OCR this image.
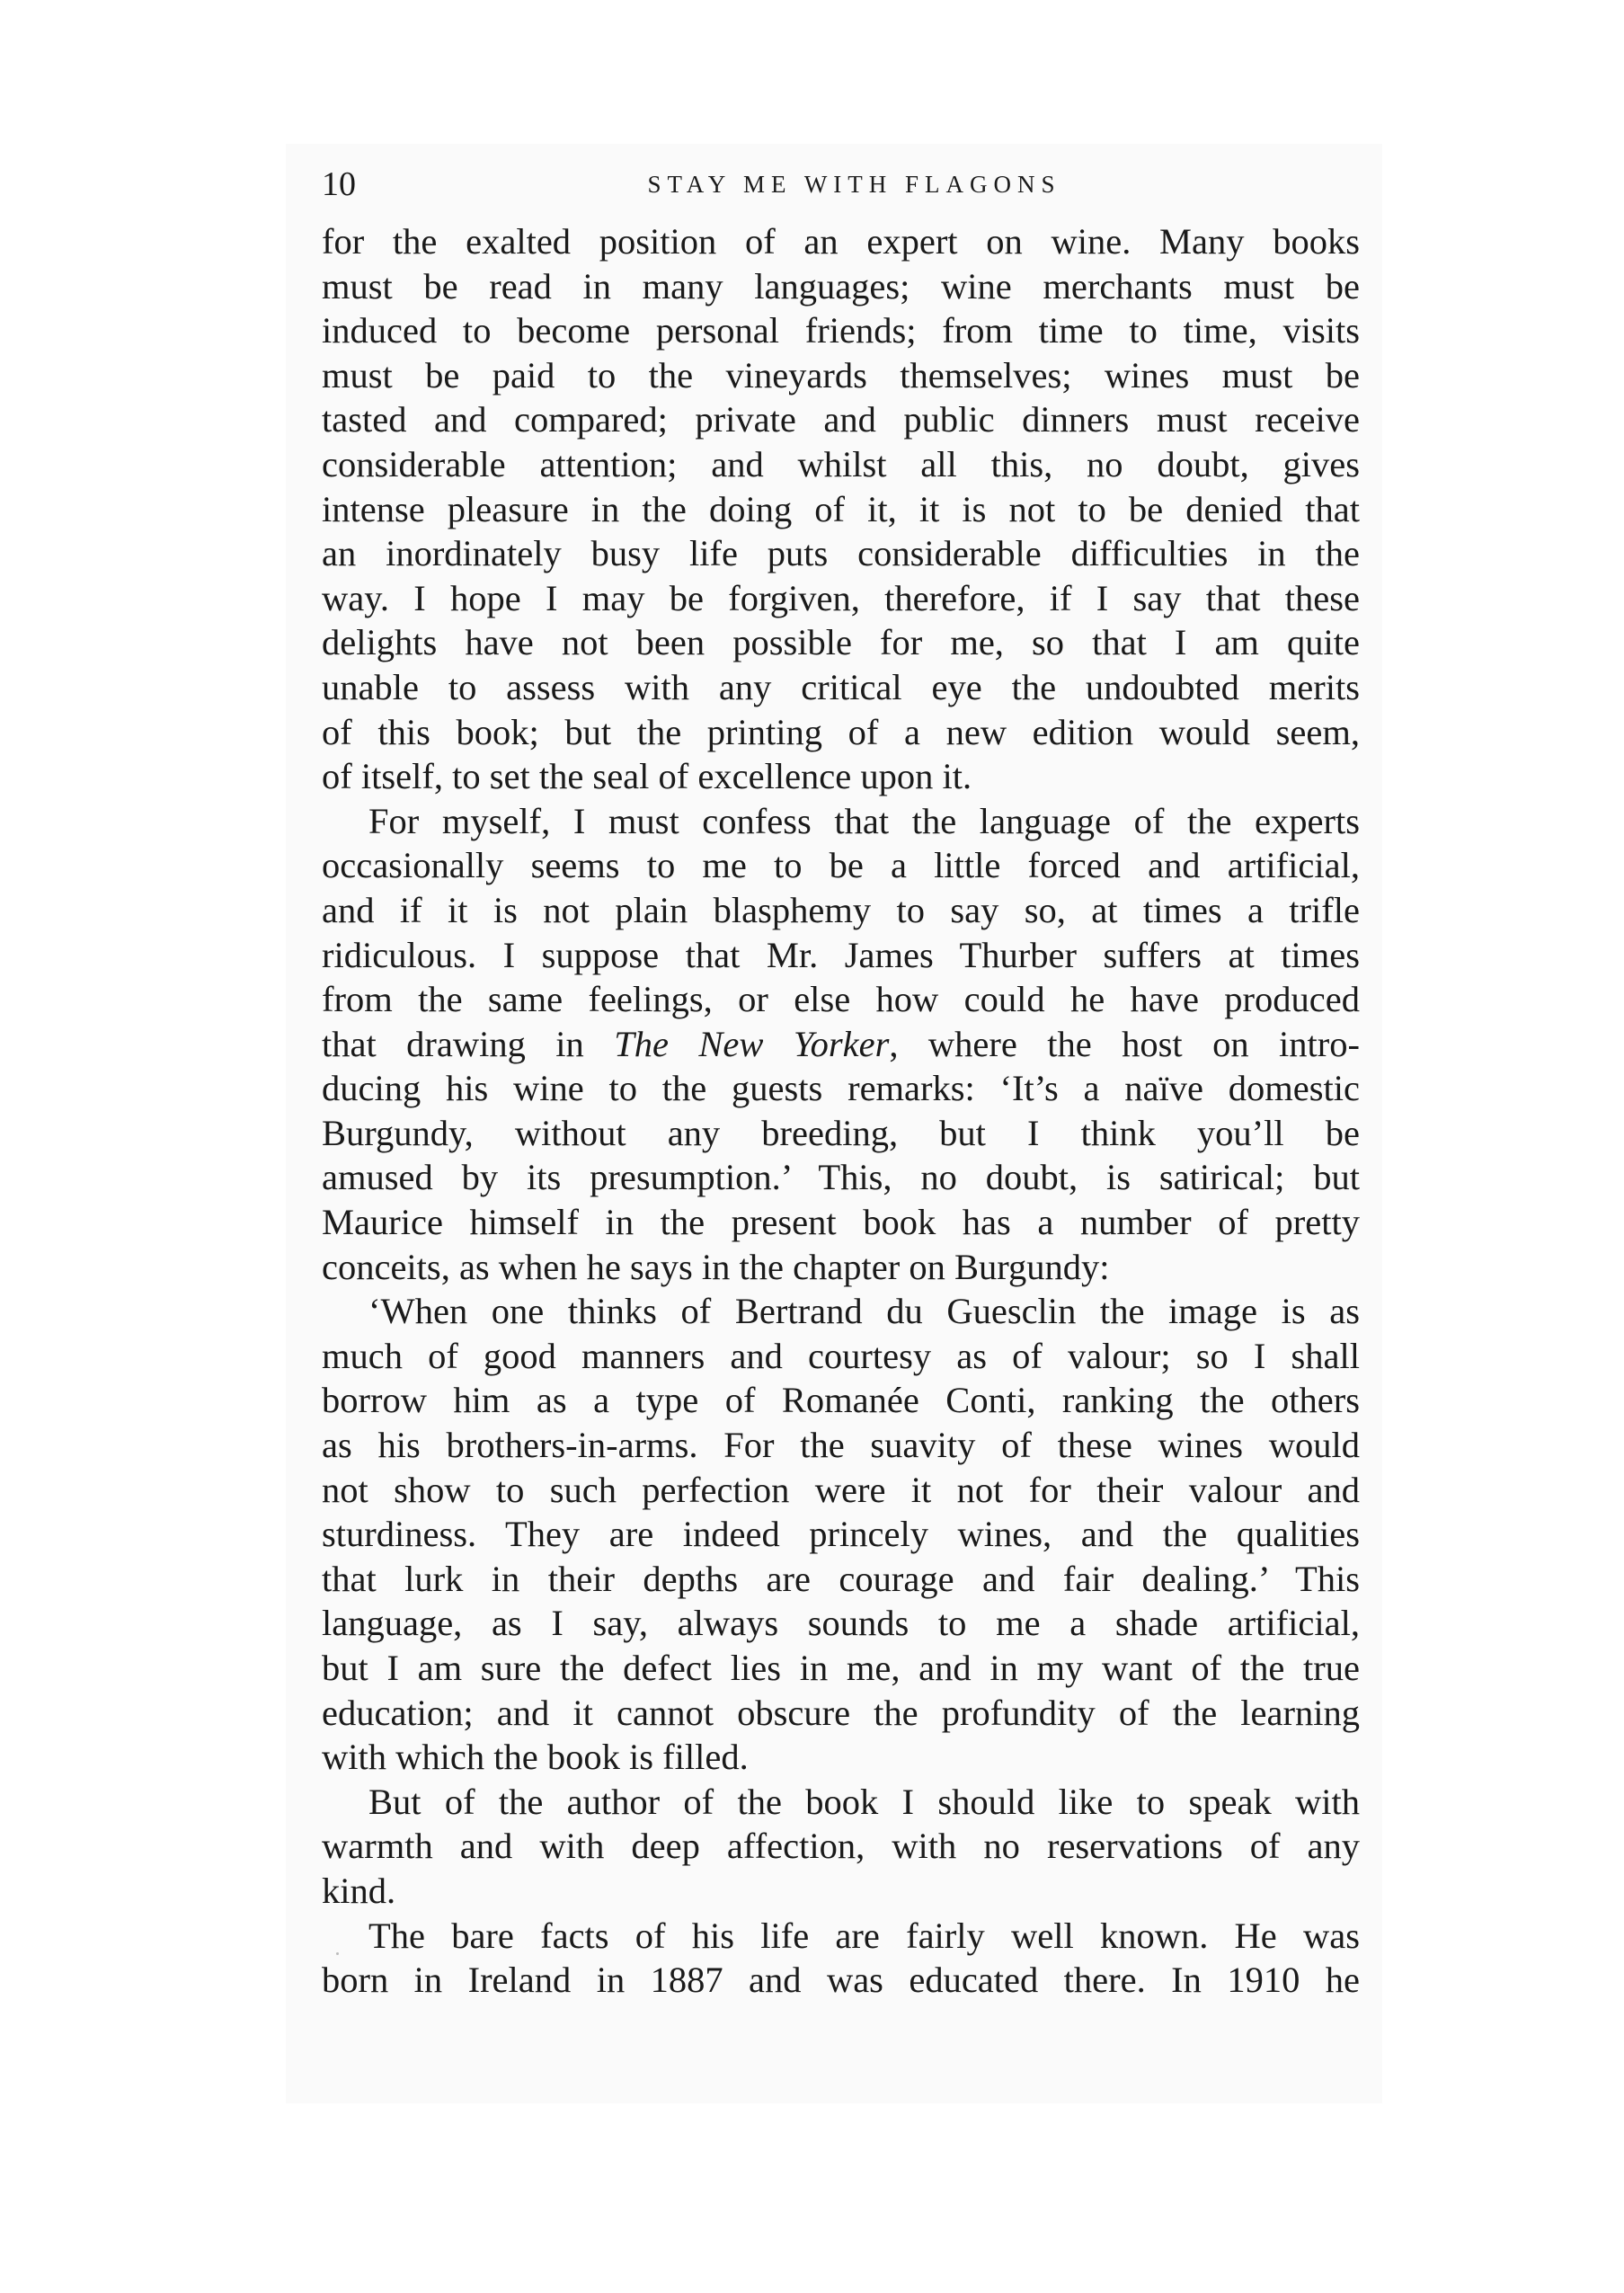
10	STAY ME WITH FLAGONS
for the exalted position of an expert on wine. Many books
must be read in many languages; wine merchants must be
induced to become personal friends; from time to time, visits
must be paid to the vineyards themselves; wines must be
tasted and compared; private and public dinners must receive
considerable attention; and whilst all this, no doubt, gives
intense pleasure in the doing of it, it is not to be denied that
an inordinately busy life puts considerable difficulties in the
way. I hope I may be forgiven, therefore, if I say that these
delights have not been possible for me, so that I am quite
unable to assess with any critical eye the undoubted merits
of this book; but the printing of a new edition would seem,
of itself, to set the seal of excellence upon it.
For myself, I must confess that the language of the experts
occasionally seems to me to be a little forced and artificial,
and if it is not plain blasphemy to say so, at times a trifle
ridiculous. I suppose that Mr. James Thurber suffers at times
from the same feelings, or else how could he have produced
that drawing in The New Yorker, where the host on intro-
ducing his wine to the guests remarks: ‘It’s a naïve domestic
Burgundy, without any breeding, but I think you’ll be
amused by its presumption.’ This, no doubt, is satirical; but
Maurice himself in the present book has a number of pretty
conceits, as when he says in the chapter on Burgundy:
‘When one thinks of Bertrand du Guesclin the image is as
much of good manners and courtesy as of valour; so I shall
borrow him as a type of Romanée Conti, ranking the others
as his brothers-in-arms. For the suavity of these wines would
not show to such perfection were it not for their valour and
sturdiness. They are indeed princely wines, and the qualities
that lurk in their depths are courage and fair dealing.’ This
language, as I say, always sounds to me a shade artificial,
but I am sure the defect lies in me, and in my want of the true
education; and it cannot obscure the profundity of the learning
with which the book is filled.
But of the author of the book I should like to speak with
warmth and with deep affection, with no reservations of any
kind.
The bare facts of his life are fairly well known. He was
born in Ireland in 1887 and was educated there. In 1910 he
